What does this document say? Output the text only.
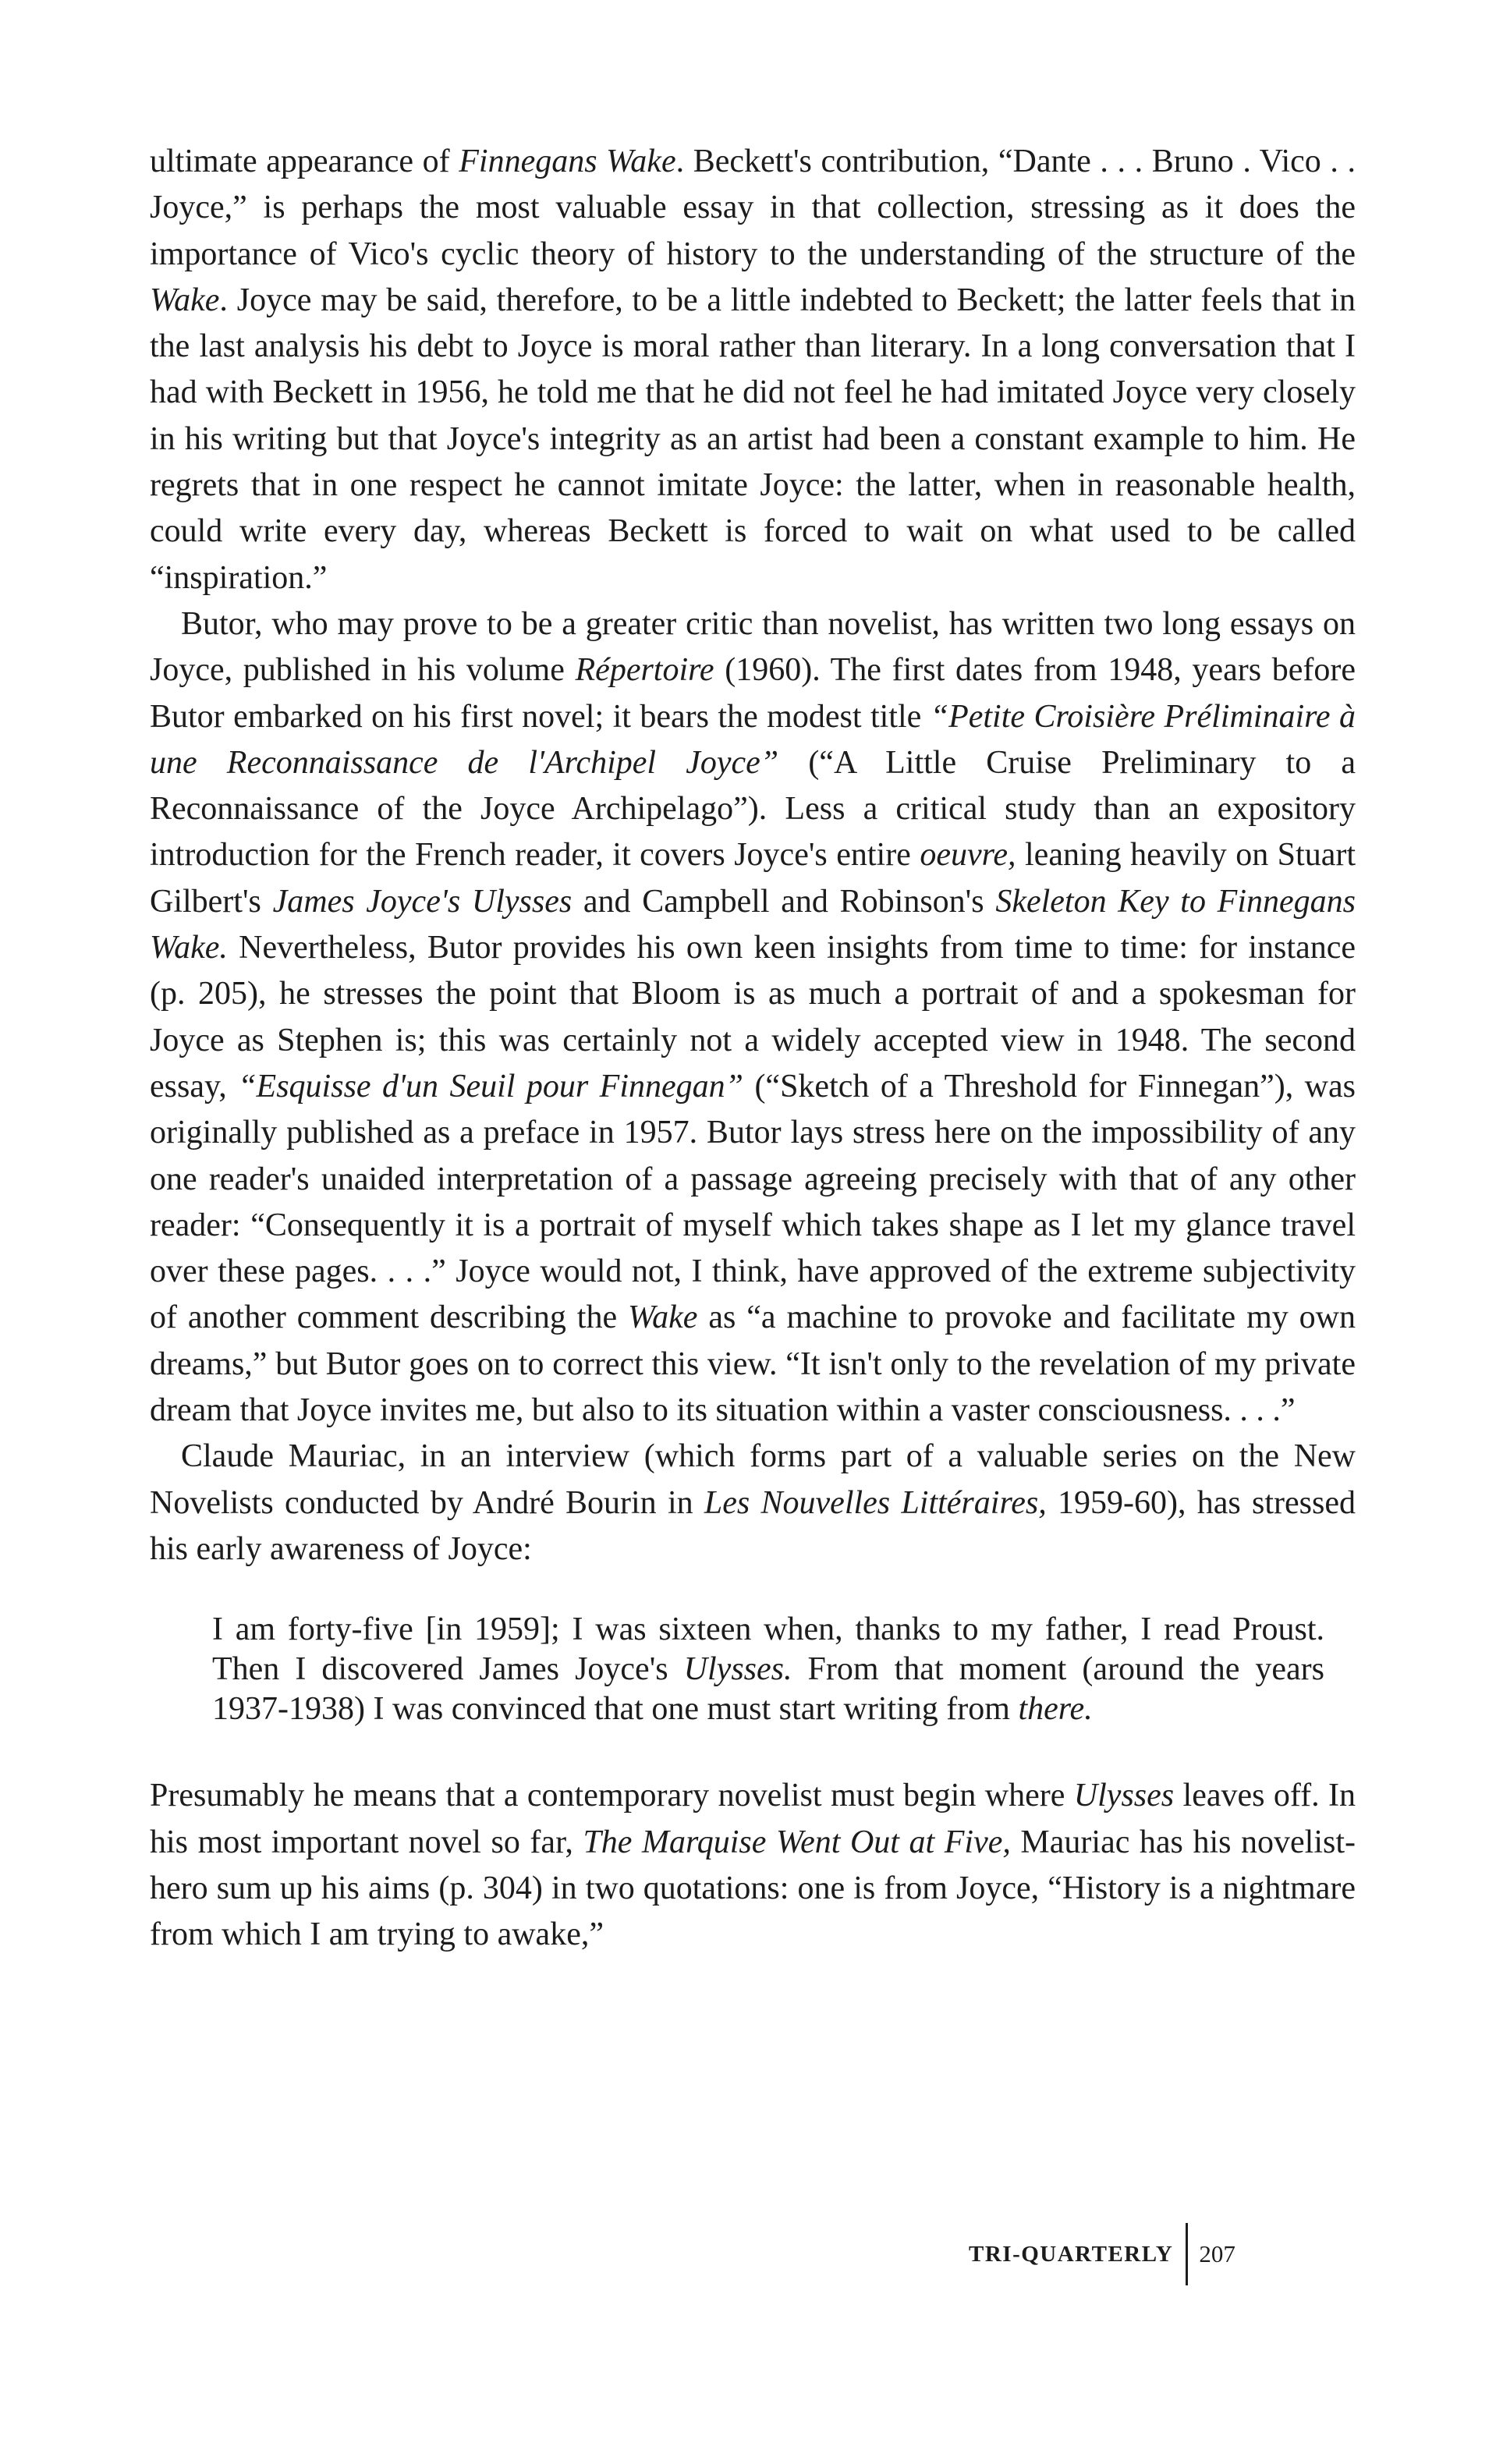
ultimate appearance of Finnegans Wake. Beckett's contribution, “Dante . . . Bruno . Vico . . Joyce,” is perhaps the most valuable essay in that collection, stressing as it does the importance of Vico's cyclic theory of history to the understanding of the structure of the Wake. Joyce may be said, therefore, to be a little indebted to Beckett; the latter feels that in the last analysis his debt to Joyce is moral rather than literary. In a long conversation that I had with Beckett in 1956, he told me that he did not feel he had imitated Joyce very closely in his writing but that Joyce's integrity as an artist had been a constant example to him. He regrets that in one respect he cannot imitate Joyce: the latter, when in reasonable health, could write every day, whereas Beckett is forced to wait on what used to be called “inspiration.”

Butor, who may prove to be a greater critic than novelist, has written two long essays on Joyce, published in his volume Répertoire (1960). The first dates from 1948, years before Butor embarked on his first novel; it bears the modest title “Petite Croisière Préliminaire à une Reconnaissance de l'Archipel Joyce” (“A Little Cruise Preliminary to a Reconnaissance of the Joyce Archipelago”). Less a critical study than an expository introduction for the French reader, it covers Joyce's entire oeuvre, leaning heavily on Stuart Gilbert's James Joyce's Ulysses and Campbell and Robinson's Skeleton Key to Finnegans Wake. Nevertheless, Butor provides his own keen insights from time to time: for instance (p. 205), he stresses the point that Bloom is as much a portrait of and a spokesman for Joyce as Stephen is; this was certainly not a widely accepted view in 1948. The second essay, “Esquisse d'un Seuil pour Finnegan” (“Sketch of a Threshold for Finnegan”), was originally published as a preface in 1957. Butor lays stress here on the impossibility of any one reader's unaided interpretation of a passage agreeing precisely with that of any other reader: “Consequently it is a portrait of myself which takes shape as I let my glance travel over these pages. . . .” Joyce would not, I think, have approved of the extreme subjectivity of another comment describing the Wake as “a machine to provoke and facilitate my own dreams,” but Butor goes on to correct this view. “It isn't only to the revelation of my private dream that Joyce invites me, but also to its situation within a vaster consciousness. . . .”

Claude Mauriac, in an interview (which forms part of a valuable series on the New Novelists conducted by André Bourin in Les Nouvelles Littéraires, 1959-60), has stressed his early awareness of Joyce:

I am forty-five [in 1959]; I was sixteen when, thanks to my father, I read Proust. Then I discovered James Joyce's Ulysses. From that moment (around the years 1937-1938) I was convinced that one must start writing from there.

Presumably he means that a contemporary novelist must begin where Ulysses leaves off. In his most important novel so far, The Marquise Went Out at Five, Mauriac has his novelist-hero sum up his aims (p. 304) in two quotations: one is from Joyce, “History is a nightmare from which I am trying to awake,”

TRI-QUARTERLY 207
